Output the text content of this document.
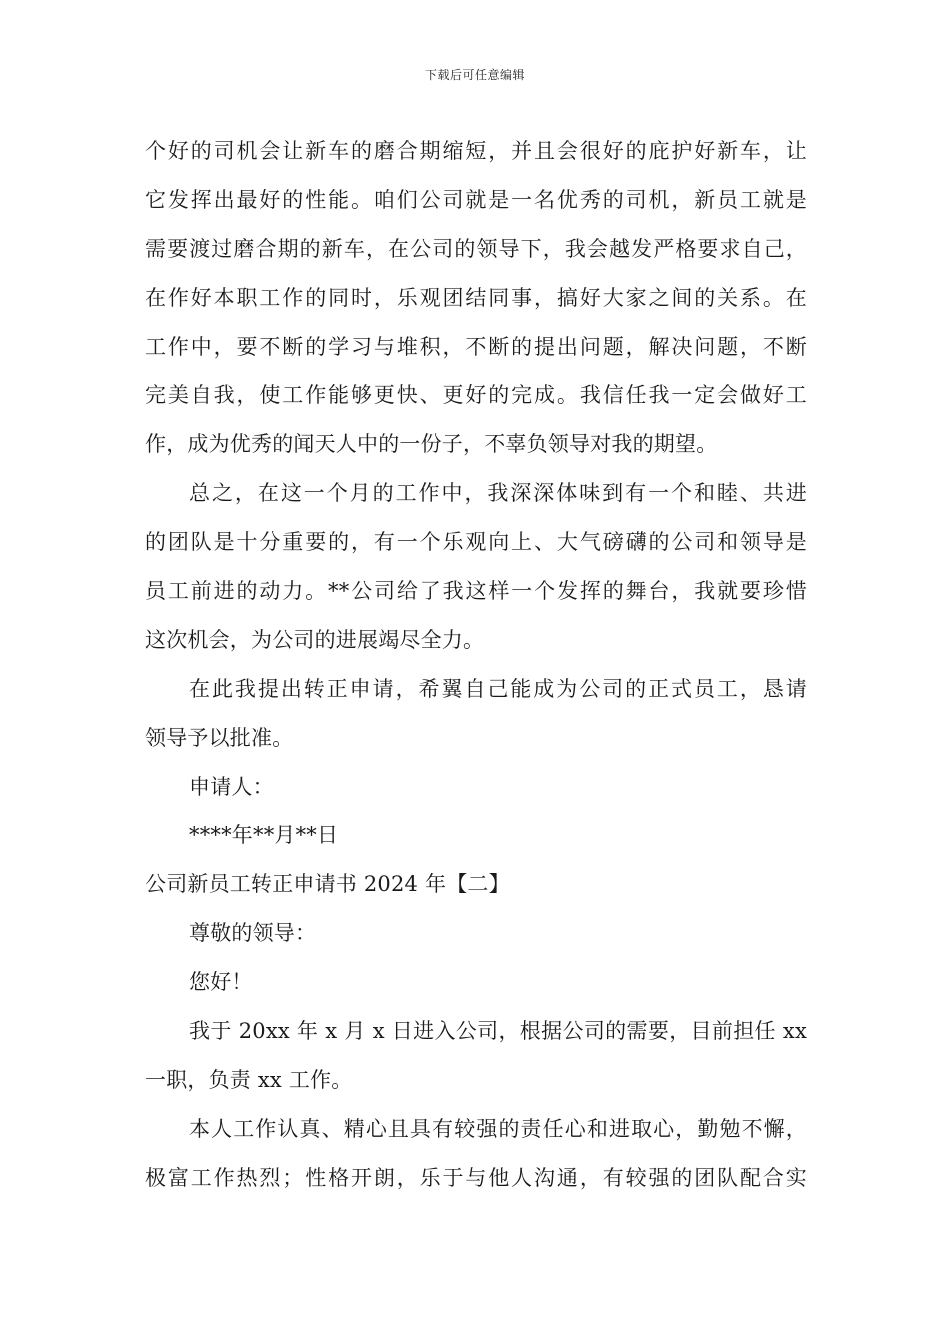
下载后可任意编辑
个好的司机会让新车的磨合期缩短，并且会很好的庇护好新车，让
它发挥出最好的性能。咱们公司就是一名优秀的司机，新员工就是
需要渡过磨合期的新车，在公司的领导下，我会越发严格要求自己，
在作好本职工作的同时，乐观团结同事，搞好大家之间的关系。在
工作中，要不断的学习与堆积，不断的提出问题，解决问题，不断
完美自我，使工作能够更快、更好的完成。我信任我一定会做好工
作，成为优秀的闻天人中的一份子，不辜负领导对我的期望。
总之，在这一个月的工作中，我深深体味到有一个和睦、共进
的团队是十分重要的，有一个乐观向上、大气磅礴的公司和领导是
员工前进的动力。**公司给了我这样一个发挥的舞台，我就要珍惜
这次机会，为公司的进展竭尽全力。
在此我提出转正申请，希翼自己能成为公司的正式员工，恳请
领导予以批准。
申请人：
****年**月**日
公司新员工转正申请书 2024 年【二】
尊敬的领导：
您好！
我于 20xx 年 x 月 x 日进入公司，根据公司的需要，目前担任 xx
一职，负责 xx 工作。
本人工作认真、精心且具有较强的责任心和进取心，勤勉不懈，
极富工作热烈；性格开朗，乐于与他人沟通，有较强的团队配合实
